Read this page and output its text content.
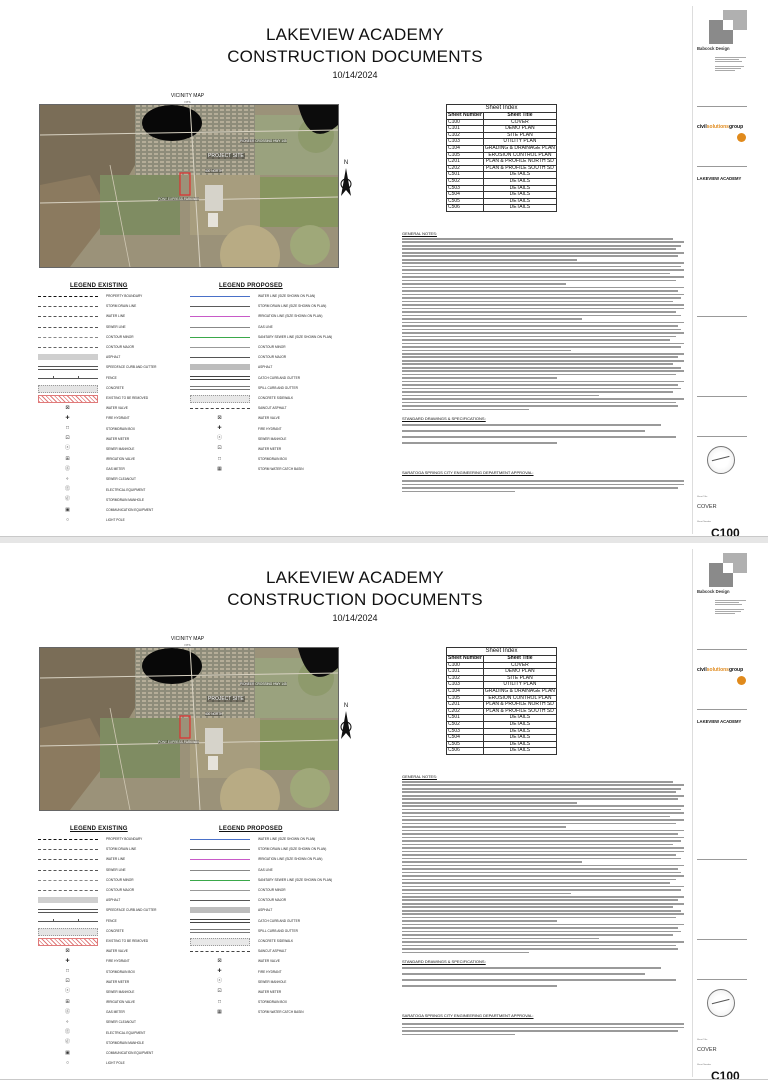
LAKEVIEW ACADEMY
CONSTRUCTION DOCUMENTS
10/14/2024
VICINITY MAP
NTS
PROJECT SITE
PIONEER CROSSING HWY 145
400 NORTH
PONY EXPRESS PARKWAY
N
Sheet Index
Sheet Number	Sheet Title
C100	COVER
C101	DEMO PLAN
C102	SITE PLAN
C103	UTILITY PLAN
C104	GRADING & DRAINAGE PLAN
C105	EROSION CONTROL PLAN
C201	PLAN & PROFILE NORTH SD
C202	PLAN & PROFILE SOUTH SD
C501	DETAILS
C502	DETAILS
C503	DETAILS
C504	DETAILS
C505	DETAILS
C506	DETAILS
GENERAL NOTES:
STANDARD DRAWINGS & SPECIFICATIONS:
SARATOGA SPRINGS CITY ENGINEERING DEPARTMENT APPROVAL:
LEGEND EXISTING
PROPERTY BOUNDARY
STORM DRAIN LINE
WATER LINE
SEWER LINE
CONTOUR MINOR
CONTOUR MAJOR
ASPHALT
SPEEDFACE CURB AND GUTTER
FENCE
CONCRETE
EXISTING TO BE REMOVED
⊠	WATER VALVE
✚	FIRE HYDRANT
□	STORMDRAIN BOX
⊡	WATER METER
ⓢ	SEWER MANHOLE
⊞	IRRIGATION VALVE
ⓖ	GAS METER
∘	SEWER CLEANOUT
Ⓔ	ELECTRICAL EQUIPMENT
ⓓ	STORMDRAIN MANHOLE
▣	COMMUNICATION EQUIPMENT
○	LIGHT POLE
LEGEND PROPOSED
WATER LINE (SIZE SHOWN ON PLAN)
STORM DRAIN LINE (SIZE SHOWN ON PLAN)
IRRIGATION LINE (SIZE SHOWN ON PLAN)
GAS LINE
SANITARY SEWER LINE (SIZE SHOWN ON PLAN)
CONTOUR MINOR
CONTOUR MAJOR
ASPHALT
CATCH CURB AND GUTTER
SPILL CURB AND GUTTER
CONCRETE SIDEWALK
SAWCUT ASPHALT
⊠	WATER VALVE
✚	FIRE HYDRANT
ⓢ	SEWER MANHOLE
⊡	WATER METER
□	STORMDRAIN BOX
▦	STORM WATER CATCH BASIN
Babcock Design
civilsolutionsgroup
LAKEVIEW ACADEMY
Sheet Title
COVER
Sheet Number
C100
LAKEVIEW ACADEMY
CONSTRUCTION DOCUMENTS
10/14/2024
VICINITY MAP
NTS
PROJECT SITE
PIONEER CROSSING HWY 145
400 NORTH
PONY EXPRESS PARKWAY
N
Sheet Index
Sheet Number	Sheet Title
C100	COVER
C101	DEMO PLAN
C102	SITE PLAN
C103	UTILITY PLAN
C104	GRADING & DRAINAGE PLAN
C105	EROSION CONTROL PLAN
C201	PLAN & PROFILE NORTH SD
C202	PLAN & PROFILE SOUTH SD
C501	DETAILS
C502	DETAILS
C503	DETAILS
C504	DETAILS
C505	DETAILS
C506	DETAILS
GENERAL NOTES:
STANDARD DRAWINGS & SPECIFICATIONS:
SARATOGA SPRINGS CITY ENGINEERING DEPARTMENT APPROVAL:
LEGEND EXISTING
PROPERTY BOUNDARY
STORM DRAIN LINE
WATER LINE
SEWER LINE
CONTOUR MINOR
CONTOUR MAJOR
ASPHALT
SPEEDFACE CURB AND GUTTER
FENCE
CONCRETE
EXISTING TO BE REMOVED
⊠	WATER VALVE
✚	FIRE HYDRANT
□	STORMDRAIN BOX
⊡	WATER METER
ⓢ	SEWER MANHOLE
⊞	IRRIGATION VALVE
ⓖ	GAS METER
∘	SEWER CLEANOUT
Ⓔ	ELECTRICAL EQUIPMENT
ⓓ	STORMDRAIN MANHOLE
▣	COMMUNICATION EQUIPMENT
○	LIGHT POLE
LEGEND PROPOSED
WATER LINE (SIZE SHOWN ON PLAN)
STORM DRAIN LINE (SIZE SHOWN ON PLAN)
IRRIGATION LINE (SIZE SHOWN ON PLAN)
GAS LINE
SANITARY SEWER LINE (SIZE SHOWN ON PLAN)
CONTOUR MINOR
CONTOUR MAJOR
ASPHALT
CATCH CURB AND GUTTER
SPILL CURB AND GUTTER
CONCRETE SIDEWALK
SAWCUT ASPHALT
⊠	WATER VALVE
✚	FIRE HYDRANT
ⓢ	SEWER MANHOLE
⊡	WATER METER
□	STORMDRAIN BOX
▦	STORM WATER CATCH BASIN
Babcock Design
civilsolutionsgroup
LAKEVIEW ACADEMY
Sheet Title
COVER
Sheet Number
C100
